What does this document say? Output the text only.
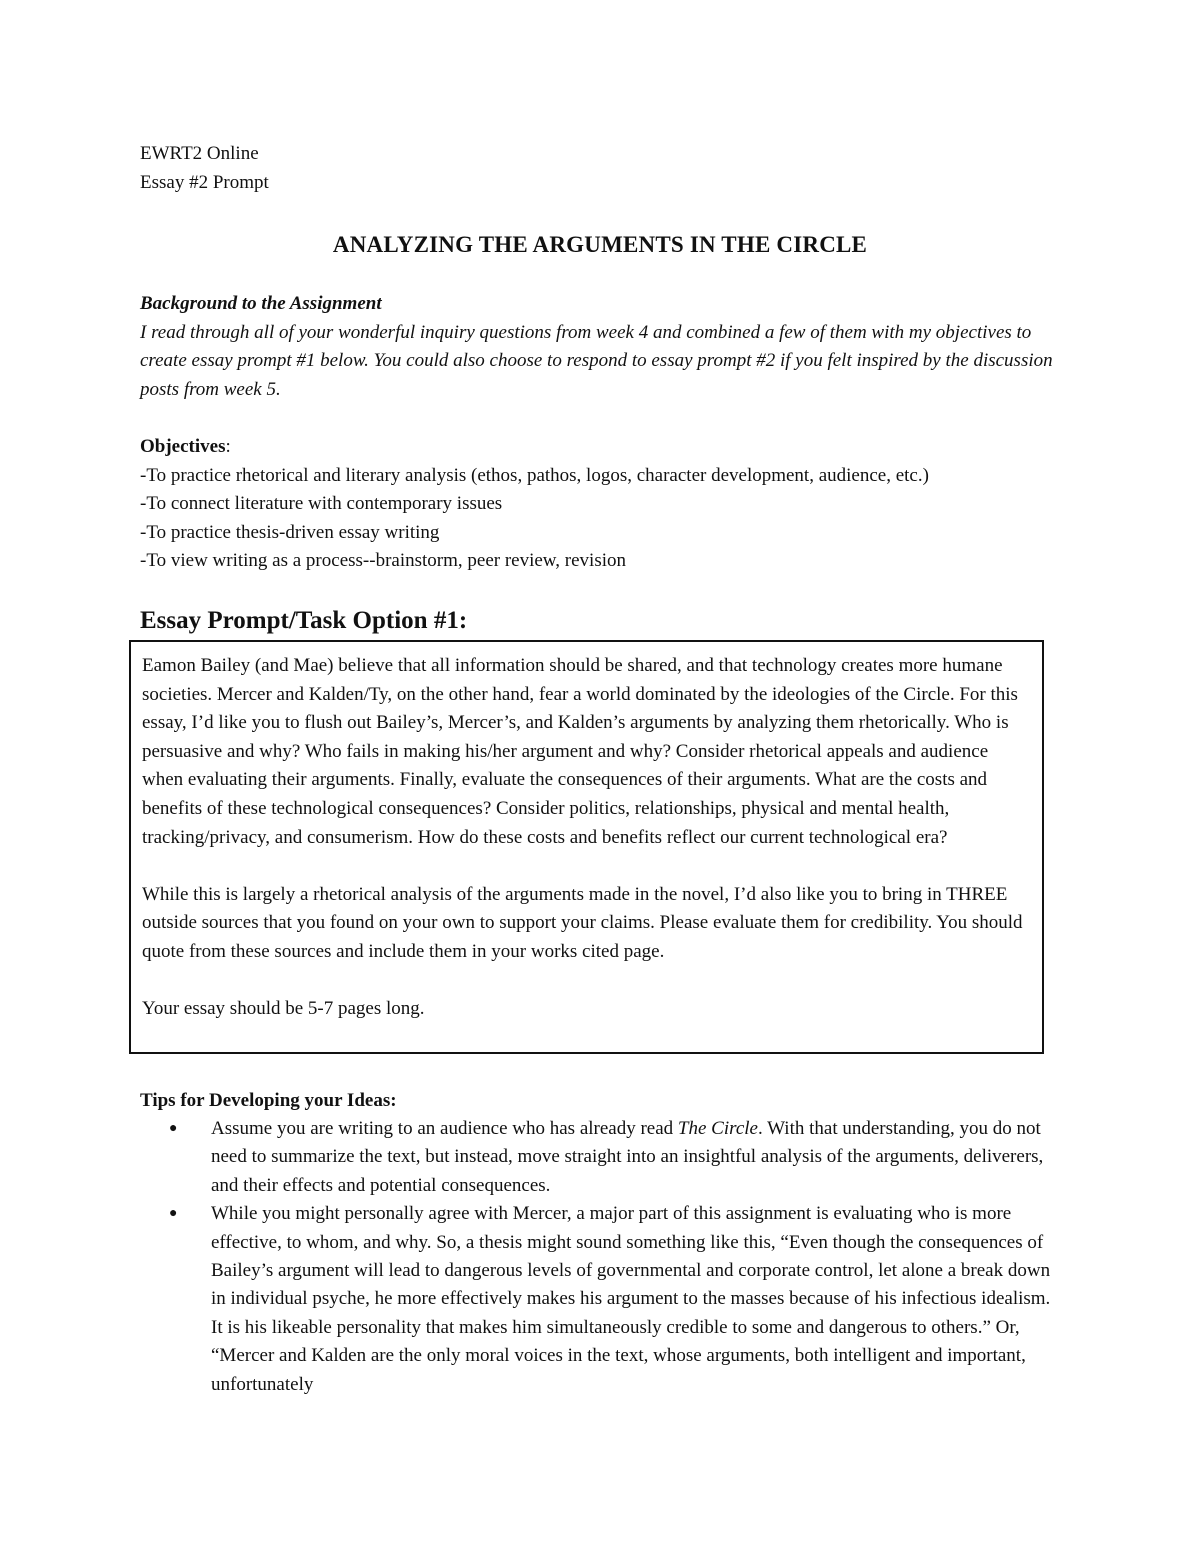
EWRT2 Online
Essay #2 Prompt
ANALYZING THE ARGUMENTS IN THE CIRCLE
Background to the Assignment
I read through all of your wonderful inquiry questions from week 4 and combined a few of them with my objectives to create essay prompt #1 below. You could also choose to respond to essay prompt #2 if you felt inspired by the discussion posts from week 5.
Objectives:
-To practice rhetorical and literary analysis (ethos, pathos, logos, character development, audience, etc.)
-To connect literature with contemporary issues
-To practice thesis-driven essay writing
-To view writing as a process--brainstorm, peer review, revision
Essay Prompt/Task Option #1:

Eamon Bailey (and Mae) believe that all information should be shared, and that technology creates more humane societies. Mercer and Kalden/Ty, on the other hand, fear a world dominated by the ideologies of the Circle. For this essay, I’d like you to flush out Bailey’s, Mercer’s, and Kalden’s arguments by analyzing them rhetorically. Who is persuasive and why? Who fails in making his/her argument and why? Consider rhetorical appeals and audience when evaluating their arguments. Finally, evaluate the consequences of their arguments. What are the costs and benefits of these technological consequences? Consider politics, relationships, physical and mental health, tracking/privacy, and consumerism. How do these costs and benefits reflect our current technological era?

While this is largely a rhetorical analysis of the arguments made in the novel, I’d also like you to bring in THREE outside sources that you found on your own to support your claims. Please evaluate them for credibility. You should quote from these sources and include them in your works cited page.

Your essay should be 5-7 pages long.

Tips for Developing your Ideas:
● Assume you are writing to an audience who has already read The Circle. With that understanding, you do not need to summarize the text, but instead, move straight into an insightful analysis of the arguments, deliverers, and their effects and potential consequences.
● While you might personally agree with Mercer, a major part of this assignment is evaluating who is more effective, to whom, and why. So, a thesis might sound something like this, “Even though the consequences of Bailey’s argument will lead to dangerous levels of governmental and corporate control, let alone a break down in individual psyche, he more effectively makes his argument to the masses because of his infectious idealism. It is his likeable personality that makes him simultaneously credible to some and dangerous to others.” Or, “Mercer and Kalden are the only moral voices in the text, whose arguments, both intelligent and important, unfortunately
